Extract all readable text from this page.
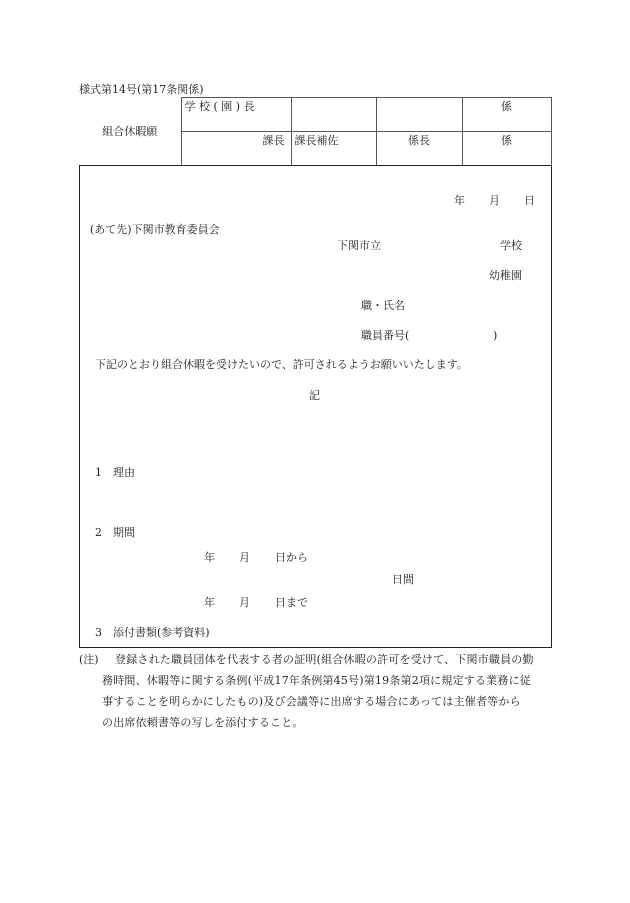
様式第14号(第17条関係)
組合休暇願	学 校 ( 園 ) 長			係
	課長	課長補佐	係長	係
年 月 日
(あて先)下関市教育委員会
下関市立	学校
幼稚園
職・氏名
職員番号(	)
下記のとおり組合休暇を受けたいので、許可されるようお願いいたします。
記
1 理由
2 期間
年 月 日から
日間
年 月 日まで
3 添付書類(参考資料)
(注) 登録された職員団体を代表する者の証明(組合休暇の許可を受けて、下関市職員の勤
務時間、休暇等に関する条例(平成17年条例第45号)第19条第2項に規定する業務に従
事することを明らかにしたもの)及び会議等に出席する場合にあっては主催者等から
の出席依頼書等の写しを添付すること。
